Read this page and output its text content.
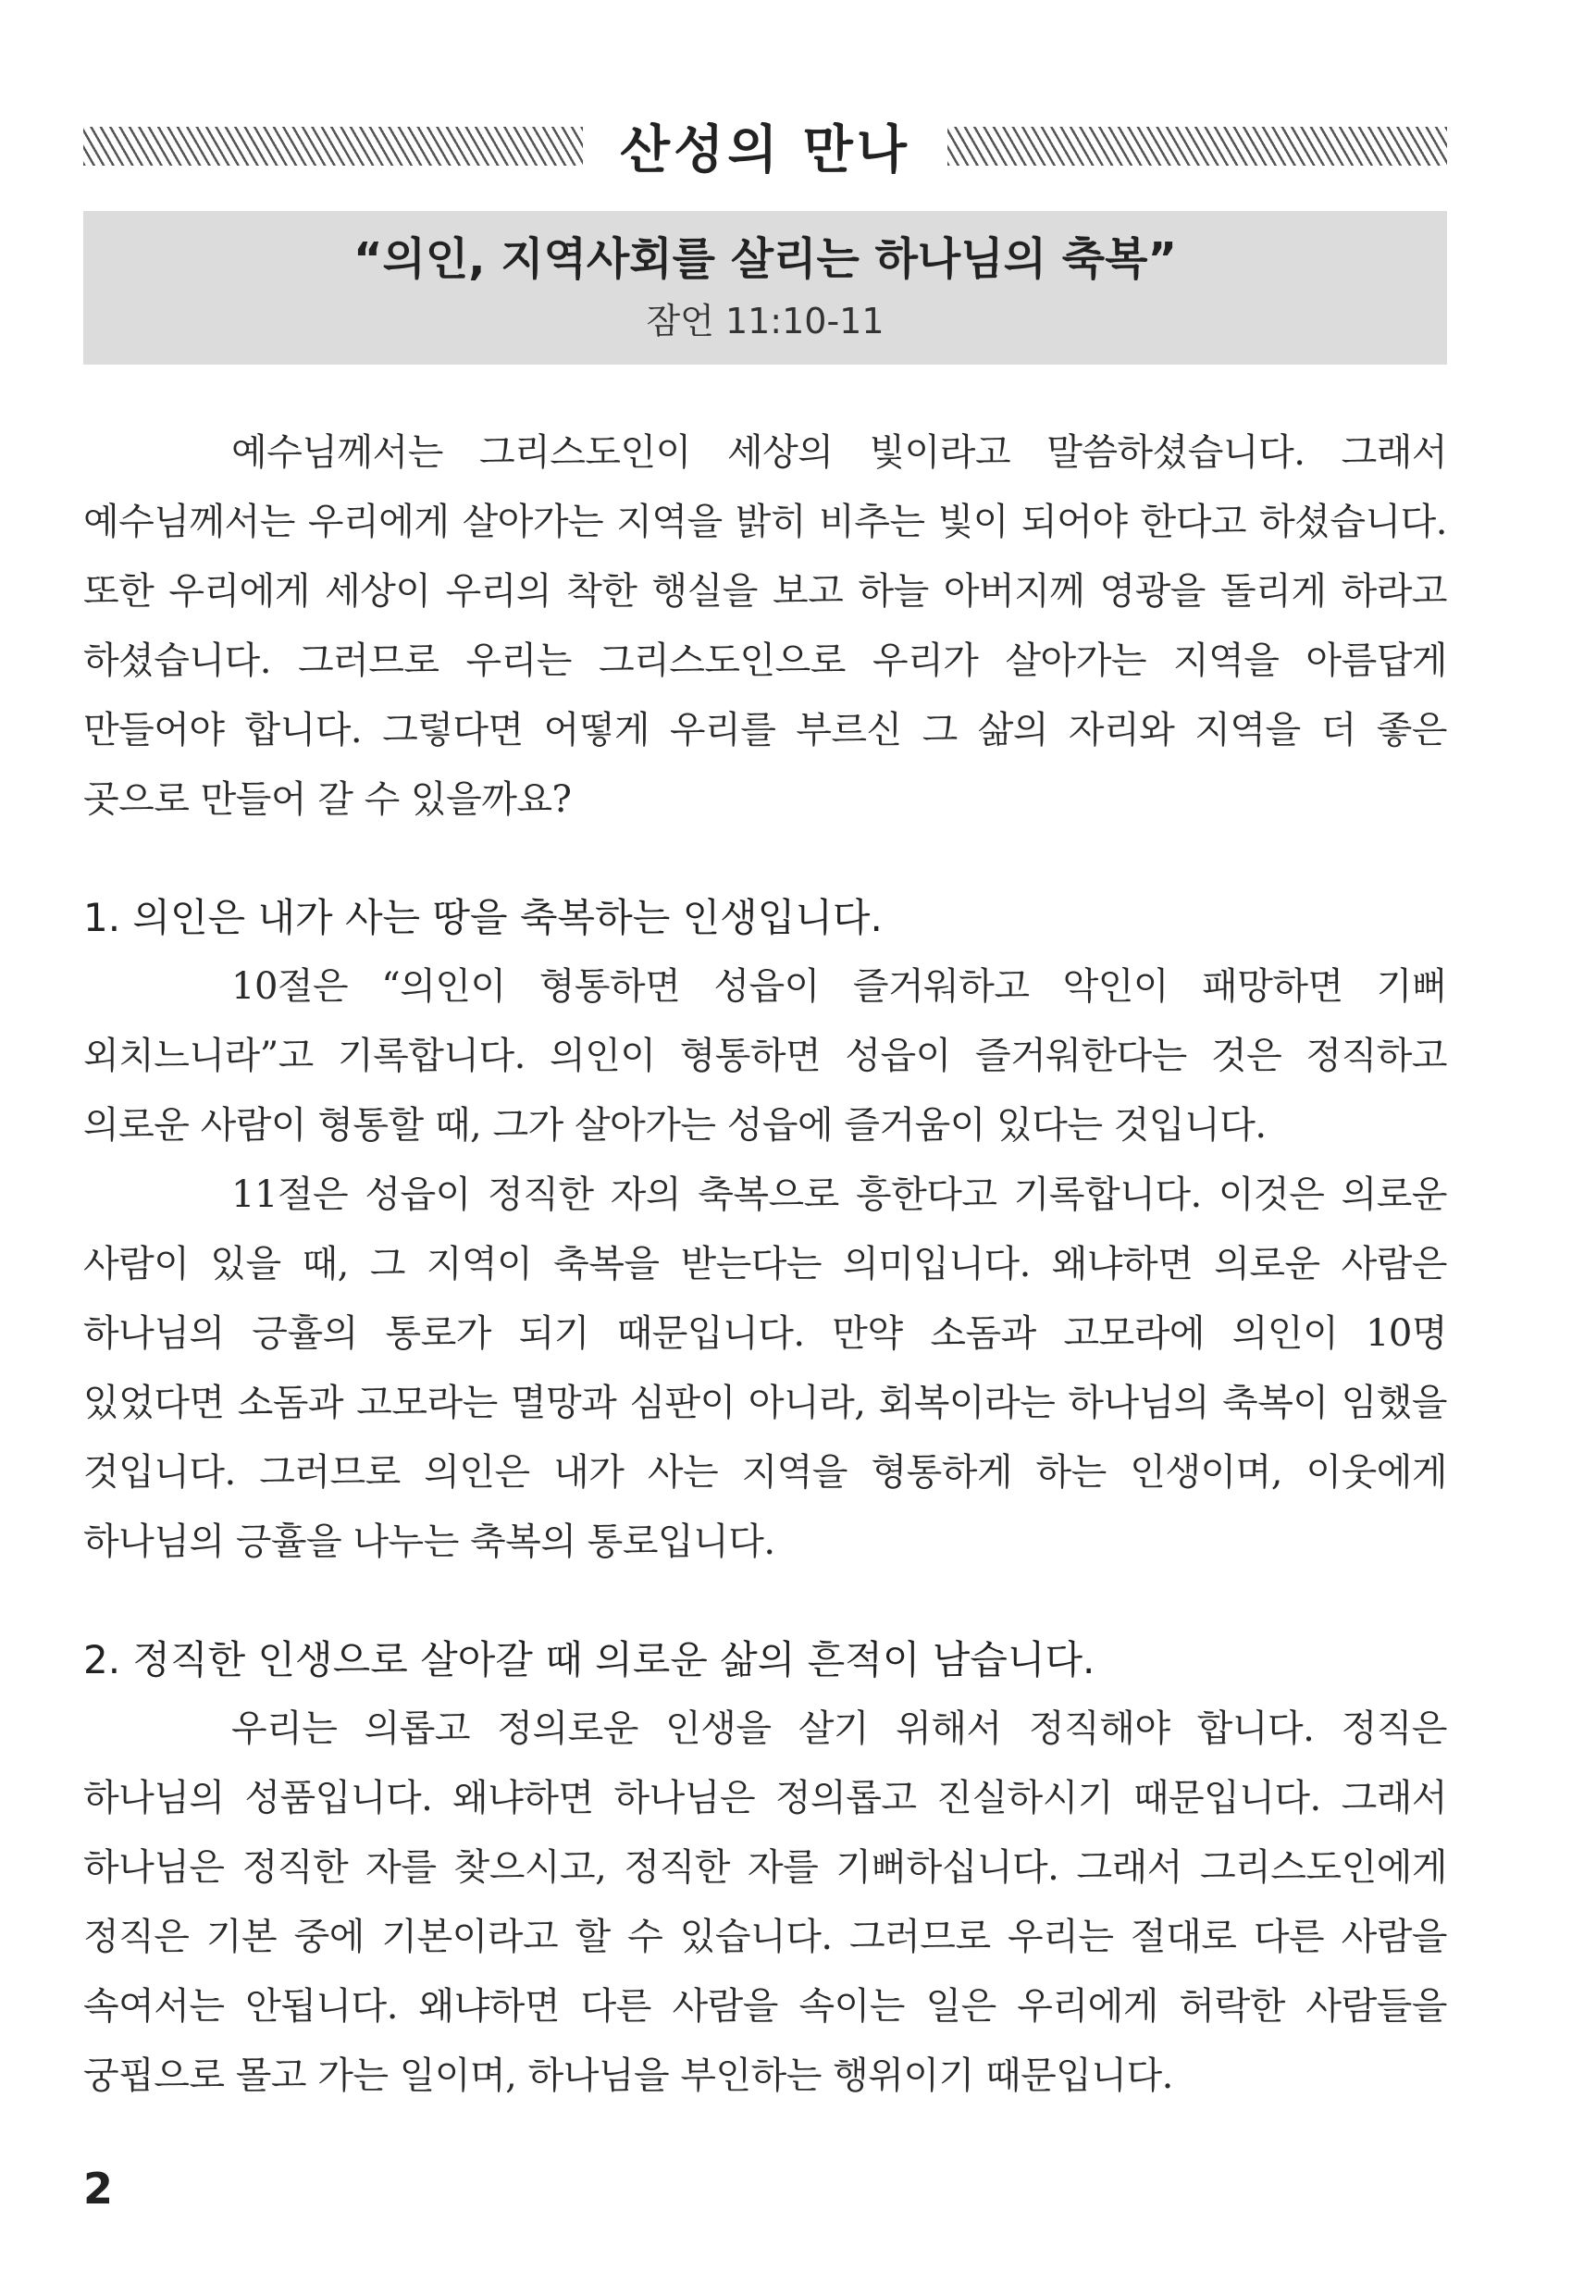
산성의 만나
“의인, 지역사회를 살리는 하나님의 축복”
잠언 11:10-11

예수님께서는 그리스도인이 세상의 빛이라고 말씀하셨습니다. 그래서 예수님께서는 우리에게 살아가는 지역을 밝히 비추는 빛이 되어야 한다고 하셨습니다. 또한 우리에게 세상이 우리의 착한 행실을 보고 하늘 아버지께 영광을 돌리게 하라고 하셨습니다. 그러므로 우리는 그리스도인으로 우리가 살아가는 지역을 아름답게 만들어야 합니다. 그렇다면 어떻게 우리를 부르신 그 삶의 자리와 지역을 더 좋은 곳으로 만들어 갈 수 있을까요?

1. 의인은 내가 사는 땅을 축복하는 인생입니다.

10절은 “의인이 형통하면 성읍이 즐거워하고 악인이 패망하면 기뻐 외치느니라”고 기록합니다. 의인이 형통하면 성읍이 즐거워한다는 것은 정직하고 의로운 사람이 형통할 때, 그가 살아가는 성읍에 즐거움이 있다는 것입니다.

11절은 성읍이 정직한 자의 축복으로 흥한다고 기록합니다. 이것은 의로운 사람이 있을 때, 그 지역이 축복을 받는다는 의미입니다. 왜냐하면 의로운 사람은 하나님의 긍휼의 통로가 되기 때문입니다. 만약 소돔과 고모라에 의인이 10명 있었다면 소돔과 고모라는 멸망과 심판이 아니라, 회복이라는 하나님의 축복이 임했을 것입니다. 그러므로 의인은 내가 사는 지역을 형통하게 하는 인생이며, 이웃에게 하나님의 긍휼을 나누는 축복의 통로입니다.

2. 정직한 인생으로 살아갈 때 의로운 삶의 흔적이 남습니다.

우리는 의롭고 정의로운 인생을 살기 위해서 정직해야 합니다. 정직은 하나님의 성품입니다. 왜냐하면 하나님은 정의롭고 진실하시기 때문입니다. 그래서 하나님은 정직한 자를 찾으시고, 정직한 자를 기뻐하십니다. 그래서 그리스도인에게 정직은 기본 중에 기본이라고 할 수 있습니다. 그러므로 우리는 절대로 다른 사람을 속여서는 안됩니다. 왜냐하면 다른 사람을 속이는 일은 우리에게 허락한 사람들을 궁핍으로 몰고 가는 일이며, 하나님을 부인하는 행위이기 때문입니다.

2
